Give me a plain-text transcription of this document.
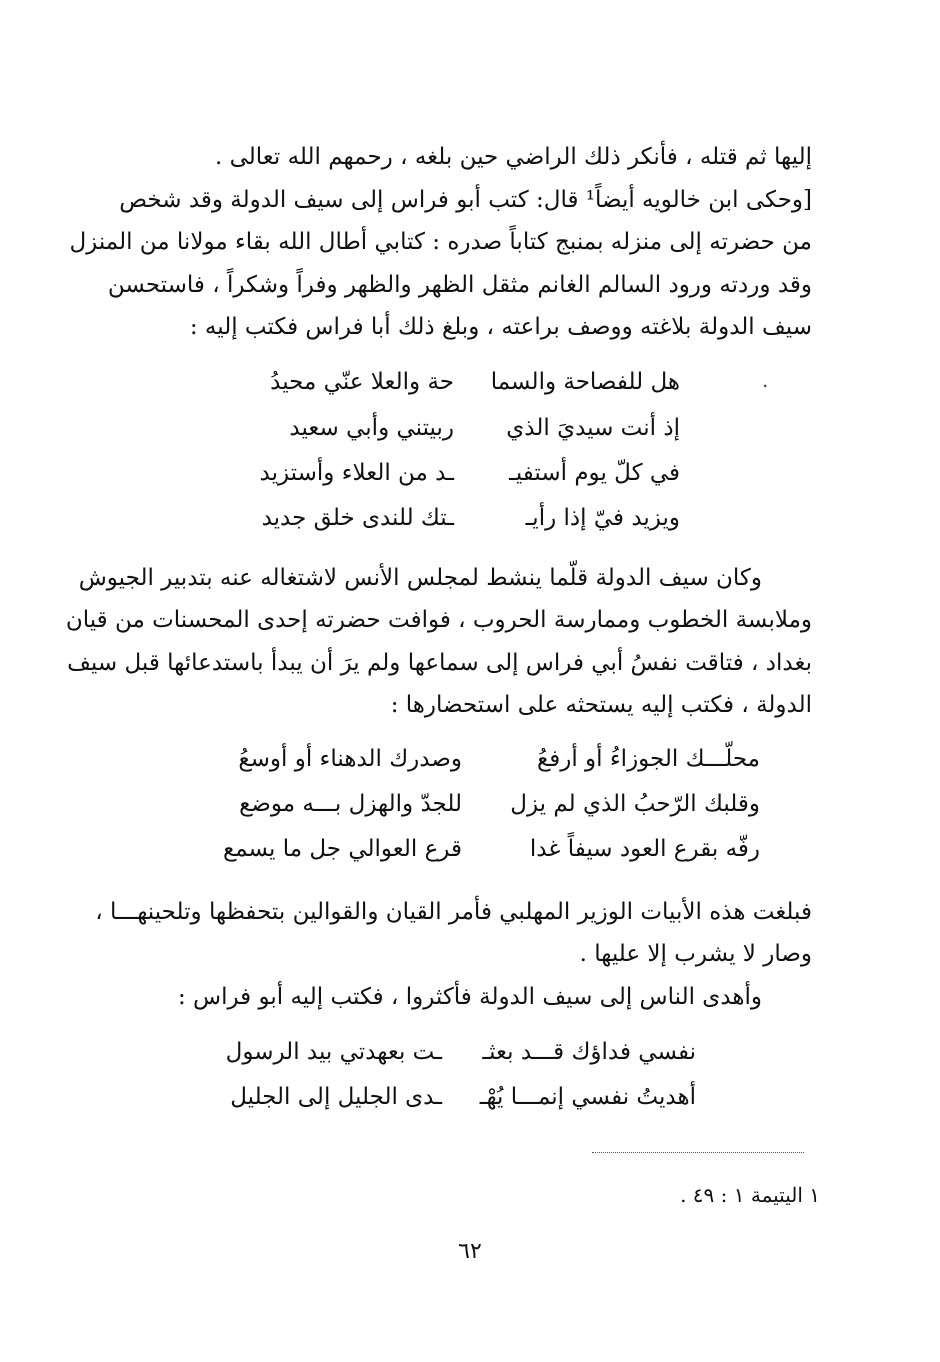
إليها ثم قتله ، فأنكر ذلك الراضي حين بلغه ، رحمهم الله تعالى .
[وحكى ابن خالويه أيضاً¹ قال: كتب أبو فراس إلى سيف الدولة وقد شخص
من حضرته إلى منزله بمنبج كتاباً صدره : كتابي أطال الله بقاء مولانا من المنزل
وقد وردته ورود السالم الغانم مثقل الظهر والظهر وفراً وشكراً ، فاستحسن
سيف الدولة بلاغته ووصف براعته ، وبلغ ذلك أبا فراس فكتب إليه :
.
هل للفصاحة والسما
حة والعلا عنّي محيدُ
إذ أنت سيديَ الذي
ربيتني وأبي سعيد
في كلّ يوم أستفيـ
ـد من العلاء وأستزيد
ويزيد فيّ إذا رأيـ
ـتك للندى خلق جديد
وكان سيف الدولة قلّما ينشط لمجلس الأنس لاشتغاله عنه بتدبير الجيوش
وملابسة الخطوب وممارسة الحروب ، فوافت حضرته إحدى المحسنات من قيان
بغداد ، فتاقت نفسُ أبي فراس إلى سماعها ولم يرَ أن يبدأ باستدعائها قبل سيف
الدولة ، فكتب إليه يستحثه على استحضارها :
محلّـــك الجوزاءُ أو أرفعُ
وصدرك الدهناء أو أوسعُ
وقلبك الرّحبُ الذي لم يزل
للجدّ والهزل بـــه موضع
رفّه بقرع العود سيفاً غدا
قرع العوالي جل ما يسمع
فبلغت هذه الأبيات الوزير المهلبي فأمر القيان والقوالين بتحفظها وتلحينهـــا ،
وصار لا يشرب إلا عليها .
وأهدى الناس إلى سيف الدولة فأكثروا ، فكتب إليه أبو فراس :
نفسي فداؤك قـــد بعثـ
ـت بعهدتي بيد الرسول
أهديتُ نفسي إنمـــا يُهْـ
ـدى الجليل إلى الجليل
١ اليتيمة ١ : ٤٩ .
٦٢
